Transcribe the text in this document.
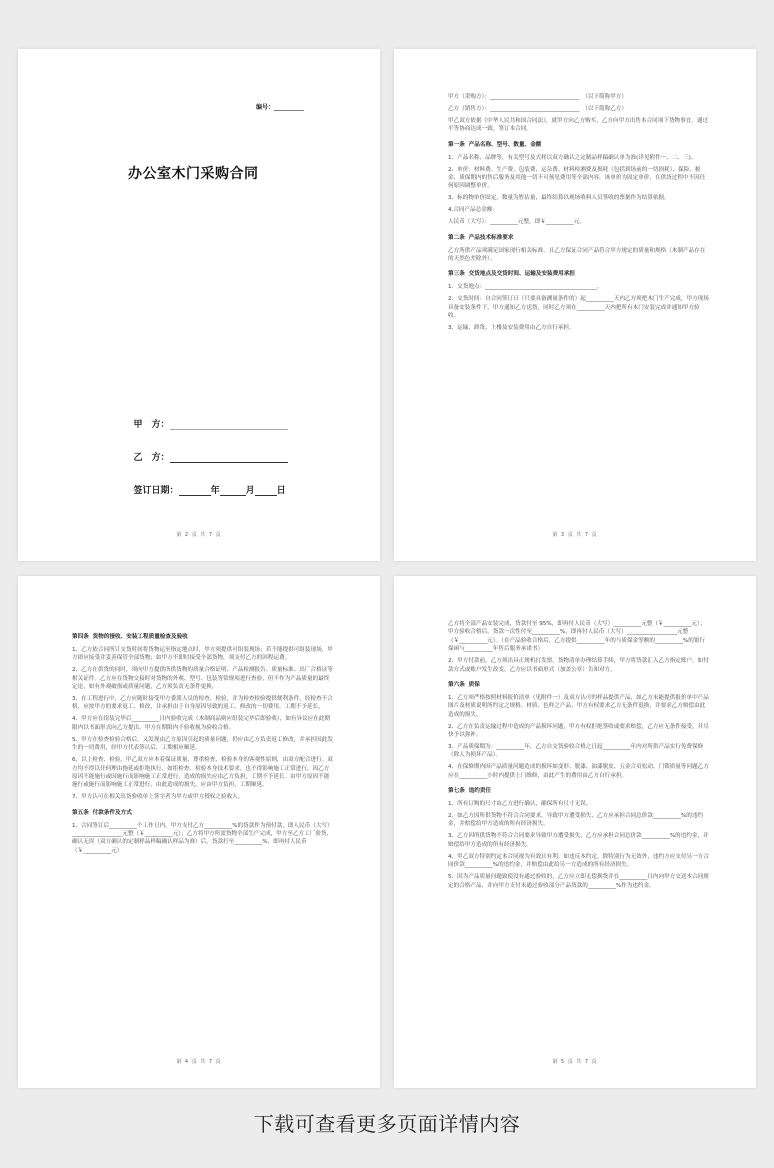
编号：__________
办公室木门采购合同

甲　方：

乙　方：

签订日期：	年	月 日

第 2 页 共 7 页

甲方（采购方）：________________________________　（以下简称甲方）

乙方（销售方）：________________________________　（以下简称乙方）

甲乙双方依据《中华人民共和国合同法》，就甲方向乙方购买，乙方向甲方出售本合同项下货物事宜，通过平等协商达成一致，签订本合同。

第一条  产品名称、型号、数量、金额

1、产品名称、品牌等，有关型号及式样以双方确认之定制品样稿确认单为准(详见附件一、二、三)。

2、单价：材料费、生产费、包装费、运杂费、材料检测费及损耗（包括到场前的一切损耗）、保险、税金、质保期内的售后服务及其他一切不可预见费用等全部内容，该单价为固定单价，在供货过程中不因任何原因调整单价。

3、标的物单价固定，数量为暂估量，最终结算以现场收料人员签收的票据作为结算依据。

4.合同产品总金额：

人民币（大写）：__________元整，即￥__________元。

第二条  产品技术标准要求

乙方所供产品须满足国家现行相关标准，且乙方保证合同产品符合甲方规定的质量和规格（木制产品存在的天然色差除外）。

第三条  交货地点及交货时间、运输及安装费用承担

1、交货地点：________________________________________。

2、交货时间：自合同签订日（只要具备测量条件的）起__________天内乙方须把木门生产完成，甲方现场具备安装条件下，甲方通知乙方送货，同时乙方须在__________天内把所有木门安装完成并通知甲方验收。

3、运输、卸货、上楼及安装费用由乙方自行承担。

第 3 页 共 7 页

第四条  货物的接收、安装工程质量检查及验收

1、乙方依合同所订交货时间将货物运至指定地点时，甲方须提供可组装现场；若不能提供可组装现场，甲方即应接受并妥善保管全部货物；如甲方不即时接受全部货物，须支付乙方的回程运费。

2、乙方在供货的同时，须向甲方提供所供货物的质量合格证明、产品检测报告、质量标准、出厂合格证等相关证件。乙方应在货物交接时对货物的外观、型号、包装等常规项进行查验，但不作为产品质量的最终定论，如有外观破损或质量问题，乙方须负责无条件更换。

3、在工程进行中，乙方应随时接受甲方委派人员的检查、检验，并为检查检验提供便利条件，经检查不合格，应按甲方的要求返工、修改，并承担由于自身原因导致的返工、修改的一切费用，工期不予延长。

4、甲方应在组装完毕后__________日内验收完成（木制商品则应组装完毕后即验收），如有异议应在此期限内以书面形式向乙方提出，甲方在期限内不验收视为验收合格。

5、甲方在检查检验合格后，又发现由乙方原因引起的质量问题，仍应由乙方负责返工修改，并承担因此发生的一切费用，经甲方代表签认后，工期相应顺延。

6、以上检查、检验，甲乙双方应本着保证质量、尊重检查、检验本身的客观性原则，由双方配合进行。双方均不得以任何理由拖延或拒绝执行，如拒检查、检验本身技术要求，也不得影响施工正常进行，因乙方原因不能施行或因施行而影响施工正常进行，造成的损失应由乙方负担，工期不予延长。由甲方原因不能施行或施行而影响施工正常进行，由此造成的损失，应由甲方负担，工期顺延。

7、甲方认可在相关出货验收单上签字者为甲方或甲方授权之验收人。

第五条  付款条件及方式

1、合同签订后__________个工作日内，甲方支付乙方__________%的货款作为预付款，即人民币（大写）__________________元整（￥__________元）；乙方将甲方所需货物全部生产完成，甲方至乙方工厂验货，确认无误（双方确认的定制样品样稿确认样品为准）后，货款打至__________%，即再付人民币（￥__________元）

第 4 页 共 7 页

乙方将全部产品安装完成，货款付至 95%，即再付人民币（大写）__________元整（￥__________元）；甲方验收合格后，货款一次性付至__________%，即再付人民币（大写）__________________元整（￥__________元）。（在产品验收合格后，乙方提供__________年的与质保金等额的__________%的银行保函与__________年售后服务承诺书）

2、甲方付款前，乙方须出具正规机打发票，货物清单办理结算手续，甲方将货款汇入乙方指定账户，如付款方式或账户发生改变，乙方应以书面形式（加盖公章）告知对方。

第六条  质保

1、乙方须严格按照材料报价清单（见附件一）及双方认可的样品提供产品，如乙方未能提供报价单中产品图片及材质说明所约定之规格、材质、色样之产品，甲方有权要求乙方无条件退换，并要求乙方赔偿由此造成的损失。

2、乙方在负责运输过程中造成的产品损坏问题，甲方有权拒绝签收或要求赔偿，乙方应无条件接受，并尽快予以弥补。

3、产品质保期为：__________年，乙方自交货验收合格之日起__________年内对所供产品实行免费保修（除人为损坏产品）。

4、在保修期内因产品质量问题造成的损坏如变形、脱漆、油漆脱皮、五金合页松动、门锁质量等问题乙方应在__________小时内提供上门维修，由此产生的费用由乙方自行承担。

第七条  违约责任

1、所有订购的尺寸由乙方进行确认，确保所有尺寸无误。

2、如乙方因所供货物不符合合同要求，导致甲方遭受损失，乙方应承担合同总价款__________%的违约金，并赔偿给甲方造成的所有经济损失。

3、乙方因所供货物不符合合同要求导致甲方遭受损失，乙方应承担合同总价款__________%的违约金，并赔偿给甲方造成的所有经济损失。

4、甲乙双方特别约定本合同视为有效且有利，如违反本约定，除特别行为无效外，违约方应支付另一方合同价款__________%的违约金，并赔偿由此给另一方造成的所有经济损失。

5、因为产品质量问题致使没有通过验收的，乙方应立即无偿换货并在__________日内向甲方交送本合同规定的合格产品，并向甲方支付未通过验收部分产品货款的__________%作为违约金。

第 5 页 共 7 页
下载可查看更多页面详情内容
